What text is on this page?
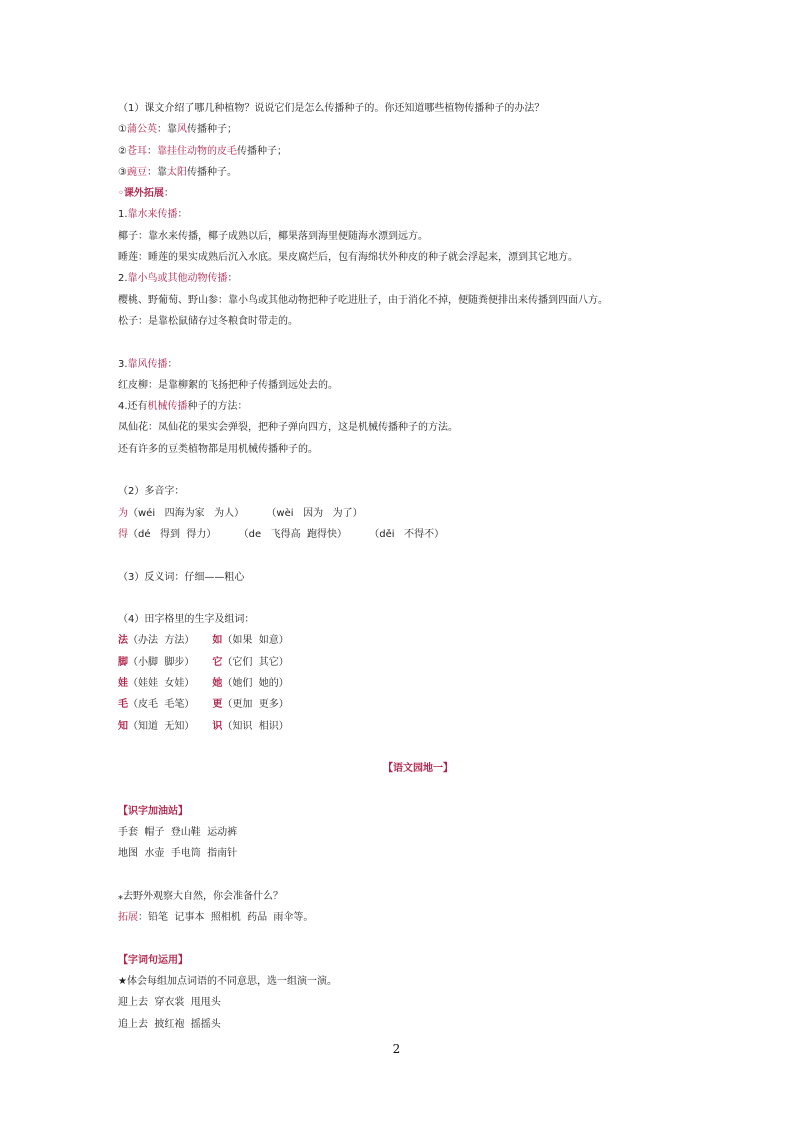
（1）课文介绍了哪几种植物？说说它们是怎么传播种子的。你还知道哪些植物传播种子的办法？
①蒲公英：靠风传播种子；
②苍耳：靠挂住动物的皮毛传播种子；
③豌豆：靠太阳传播种子。
◦课外拓展：
1.靠水来传播：
椰子：靠水来传播，椰子成熟以后，椰果落到海里便随海水漂到远方。
睡莲：睡莲的果实成熟后沉入水底。果皮腐烂后，包有海绵状外种皮的种子就会浮起来，漂到其它地方。
2.靠小鸟或其他动物传播：
樱桃、野葡萄、野山参：靠小鸟或其他动物把种子吃进肚子，由于消化不掉，便随粪便排出来传播到四面八方。
松子：是靠松鼠储存过冬粮食时带走的。
3.靠风传播：
红皮柳：是靠柳絮的飞扬把种子传播到远处去的。
4.还有机械传播种子的方法：
凤仙花：凤仙花的果实会弹裂，把种子弹向四方，这是机械传播种子的方法。
还有许多的豆类植物都是用机械传播种子的。
（2）多音字：
为（wéi   四海为家   为人）       （wèi   因为   为了）
得（dé   得到  得力）       （de   飞得高  跑得快）       （děi   不得不）
（3）反义词：仔细——粗心
（4）田字格里的生字及组词：
法（办法  方法） 如（如果  如意）
脚（小脚  脚步） 它（它们  其它）
娃（娃娃  女娃） 她（她们  她的）
毛（皮毛  毛笔） 更（更加  更多）
知（知道  无知） 识（知识  相识）
【语文园地一】
【识字加油站】
手套  帽子  登山鞋  运动裤
地图  水壶  手电筒  指南针
⁎去野外观察大自然，你会准备什么？
拓展：铅笔  记事本  照相机  药品  雨伞等。
【字词句运用】
★体会每组加点词语的不同意思，选一组演一演。
迎上去  穿衣裳  甩甩头
追上去  披红袍  摇摇头
2
